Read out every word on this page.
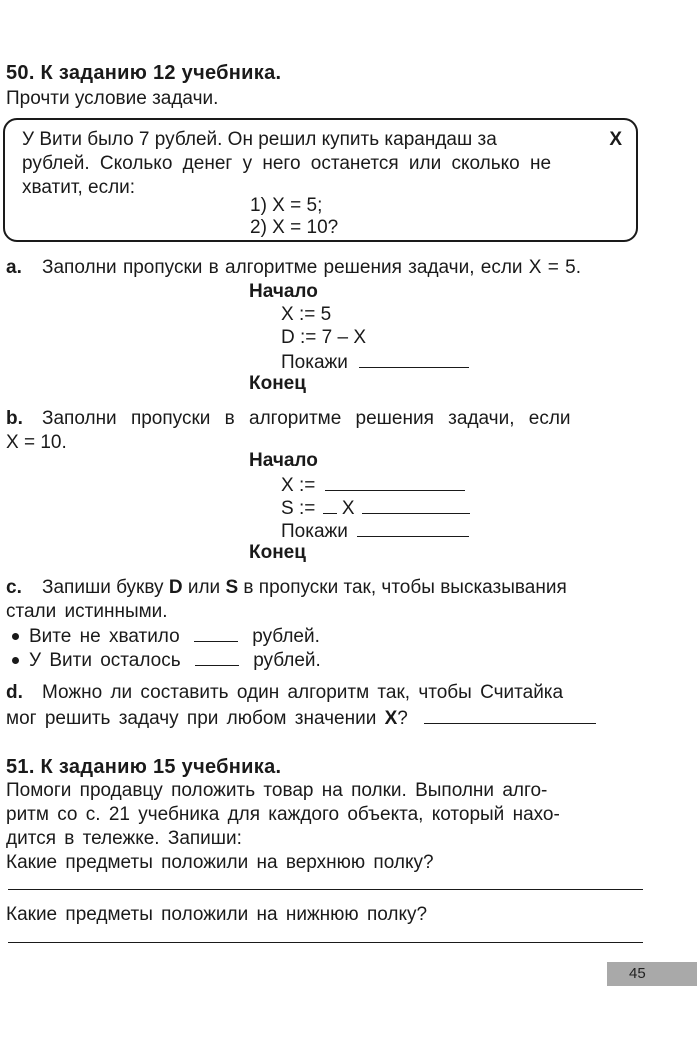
50. К заданию 12 учебника.
Прочти условие задачи.
У Вити было 7 рублей. Он решил купить карандаш за	X
рублей. Сколько денег у него останется или сколько не
хватит, если:
1) X = 5;
2) X = 10?
a. Заполни пропуски в алгоритме решения задачи, если X = 5.
Начало
X := 5
D := 7 – X
Покажи
Конец
b. Заполни пропуски в алгоритме решения задачи, если
X = 10.
Начало
X :=
S := X
Покажи
Конец
c. Запиши букву D или S в пропуски так, чтобы высказывания
стали истинными.
Вите не хватило	рублей.
У Вити осталось	рублей.
d. Можно ли составить один алгоритм так, чтобы Считайка
мог решить задачу при любом значении X?
51. К заданию 15 учебника.
Помоги продавцу положить товар на полки. Выполни алго-
ритм со с. 21 учебника для каждого объекта, который нахо-
дится в тележке. Запиши:
Какие предметы положили на верхнюю полку?
Какие предметы положили на нижнюю полку?
45
